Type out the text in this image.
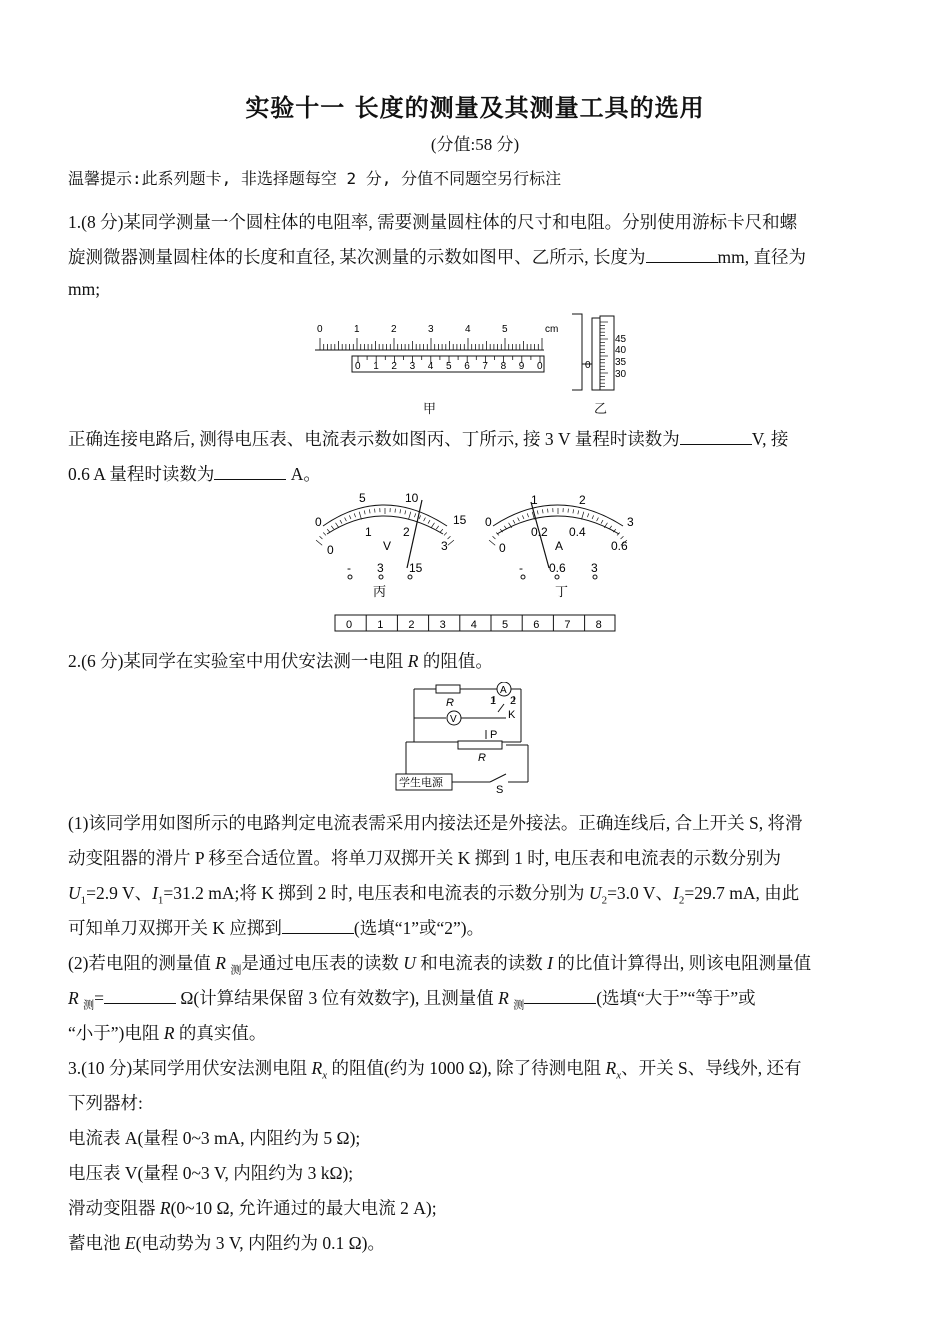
实验十一 长度的测量及其测量工具的选用
(分值:58 分)
温馨提示:此系列题卡, 非选择题每空 2 分, 分值不同题空另行标注
1.(8 分)某同学测量一个圆柱体的电阻率, 需要测量圆柱体的尺寸和电阻。分别使用游标卡尺和螺
旋测微器测量圆柱体的长度和直径, 某次测量的示数如图甲、乙所示, 长度为	mm, 直径为
mm;
0	1	2	3	4	5
0 1 2 3 4 5 6 7 8 9 0
cm
45
40
35
30
0
甲	乙
正确连接电路后, 测得电压表、电流表示数如图丙、丁所示, 接 3 V 量程时读数为	V, 接
0.6 A 量程时读数为	A。
0
5	10
15
0
1	2
3
V
- 3 15
丙
0
1	2
3
0
0.2 0.4
0.6
A
- 0.6 3
丁
0 1 2 3 4 5 6 7 8
2.(6 分)某同学在实验室中用伏安法测一电阻 R 的阻值。
A
R
V
1 2
K
P
R
学生电源
S
(1)该同学用如图所示的电路判定电流表需采用内接法还是外接法。正确连线后, 合上开关 S, 将滑
动变阻器的滑片 P 移至合适位置。将单刀双掷开关 K 掷到 1 时, 电压表和电流表的示数分别为
$U_1=2.9$ V、$I_1=31.2$ mA;将 K 掷到 2 时, 电压表和电流表的示数分别为 $U_2=3.0$ V、$I_2=29.7$ mA, 由此
可知单刀双掷开关 K 应掷到	(选填“1”或“2”)。
(2)若电阻的测量值 R $_测$是通过电压表的读数 U 和电流表的读数 I 的比值计算得出, 则该电阻测量值
R $_测$=	Ω(计算结果保留 3 位有效数字), 且测量值 R $_测$	(选填“大于”“等于”或
“小于”)电阻 R 的真实值。
3.(10 分)某同学用伏安法测电阻 $R_x$ 的阻值(约为 1000 Ω), 除了待测电阻 $R_x$、开关 S、导线外, 还有
下列器材:
电流表 A(量程 0~3 mA, 内阻约为 5 Ω);
电压表 V(量程 0~3 V, 内阻约为 3 kΩ);
滑动变阻器 R(0~10 Ω, 允许通过的最大电流 2 A);
蓄电池 E(电动势为 3 V, 内阻约为 0.1 Ω)。
